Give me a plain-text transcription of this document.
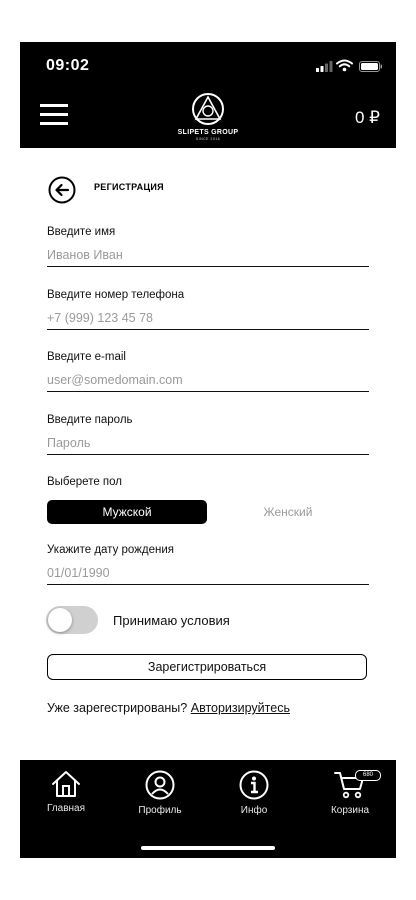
09:02
SLIPETS GROUP
SINCE 2016
0 ₽
РЕГИСТРАЦИЯ
Введите имя
Иванов Иван
Введите номер телефона
+7 (999) 123 45 78
Введите e-mail
user@somedomain.com
Введите пароль
Выберете пол
Мужской	Женский
Укажите дату рождения
01/01/1990
Принимаю условия
Зарегистрироваться
Уже зарегестрированы? Авторизируйтесь
Главная	Профиль	Инфо
680
Корзина
